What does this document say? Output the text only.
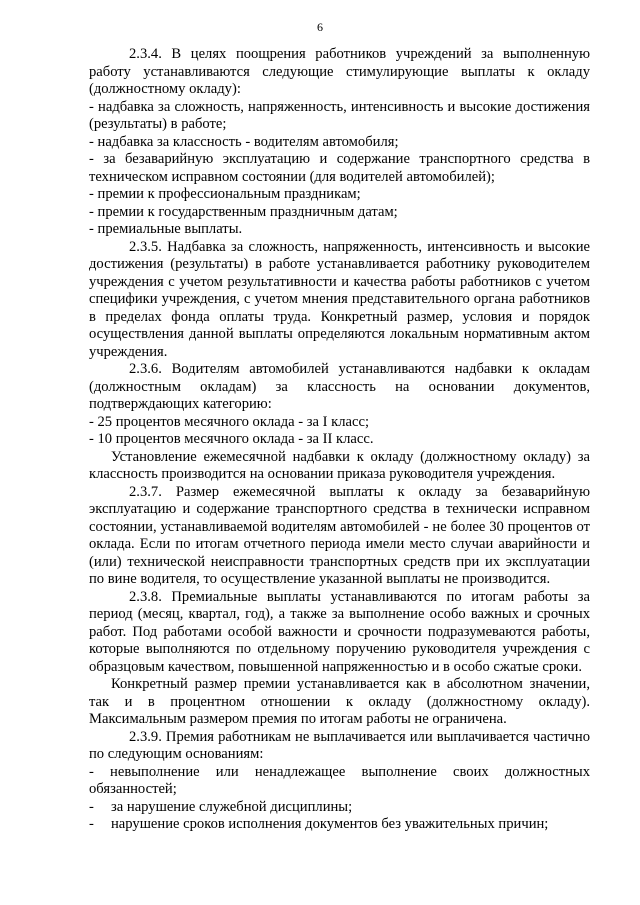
6

2.3.4. В целях поощрения работников учреждений за выполненную работу устанавливаются следующие стимулирующие выплаты к окладу (должностному окладу):

- надбавка за сложность, напряженность, интенсивность и высокие достижения (результаты) в работе;

- надбавка за классность - водителям автомобиля;

- за безаварийную эксплуатацию и содержание транспортного средства в техническом исправном состоянии (для водителей автомобилей);

- премии к профессиональным праздникам;

- премии к государственным праздничным датам;

- премиальные выплаты.

2.3.5. Надбавка за сложность, напряженность, интенсивность и высокие достижения (результаты) в работе устанавливается работнику руководителем учреждения с учетом результативности и качества работы работников с учетом специфики учреждения, с учетом мнения представительного органа работников в пределах фонда оплаты труда. Конкретный размер, условия и порядок осуществления данной выплаты определяются локальным нормативным актом учреждения.

2.3.6. Водителям автомобилей устанавливаются надбавки к окладам (должностным окладам) за классность на основании документов, подтверждающих категорию:

- 25 процентов месячного оклада - за I класс;

- 10 процентов месячного оклада - за II класс.

Установление ежемесячной надбавки к окладу (должностному окладу) за классность производится на основании приказа руководителя учреждения.

2.3.7. Размер ежемесячной выплаты к окладу за безаварийную эксплуатацию и содержание транспортного средства в технически исправном состоянии, устанавливаемой водителям автомобилей - не более 30 процентов от оклада. Если по итогам отчетного периода имели место случаи аварийности и (или) технической неисправности транспортных средств при их эксплуатации по вине водителя, то осуществление указанной выплаты не производится.

2.3.8. Премиальные выплаты устанавливаются по итогам работы за период (месяц, квартал, год), а также за выполнение особо важных и срочных работ. Под работами особой важности и срочности подразумеваются работы, которые выполняются по отдельному поручению руководителя учреждения с образцовым качеством, повышенной напряженностью и в особо сжатые сроки.

Конкретный размер премии устанавливается как в абсолютном значении, так и в процентном отношении к окладу (должностному окладу). Максимальным размером премия по итогам работы не ограничена.

2.3.9. Премия работникам не выплачивается или выплачивается частично по следующим основаниям:

- невыполнение или ненадлежащее выполнение своих должностных обязанностей;

-	за нарушение служебной дисциплины;

-	нарушение сроков исполнения документов без уважительных причин;
